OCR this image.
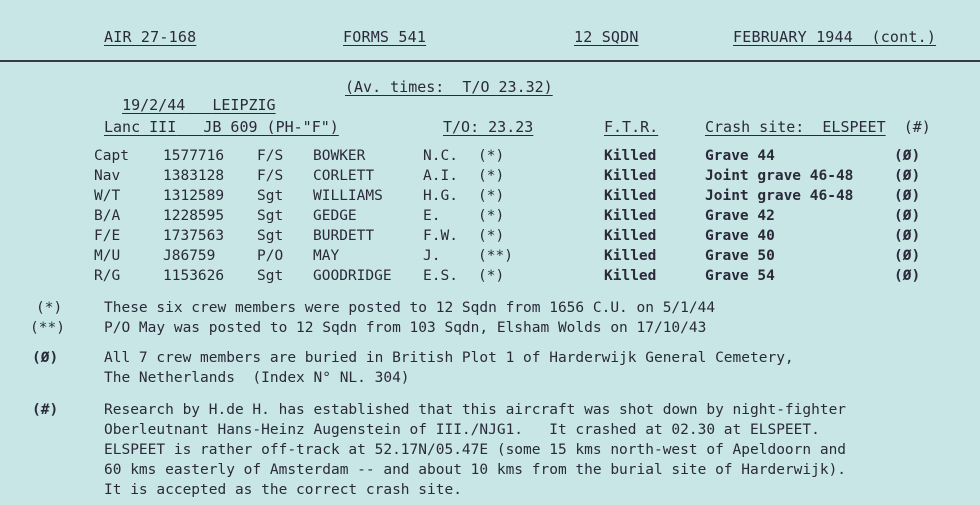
AIR 27-168	FORMS 541	12 SQDN	FEBRUARY 1944  (cont.)

19/2/44 LEIPZIG

(Av. times:  T/O 23.32)
Lanc III JB 609 (PH-"F")	T/O: 23.23	F.T.R.	Crash site:  ELSPEET (#)
Capt 1577716 F/S BOWKER	N.C. (*)	Killed	Grave 44	(Ø)
Nav	1383128 F/S CORLETT	A.I. (*)	Killed	Joint grave 46-48	(Ø)
W/T	1312589 Sgt WILLIAMS	H.G. (*)	Killed	Joint grave 46-48	(Ø)
B/A	1228595 Sgt GEDGE	E.	(*)	Killed	Grave 42	(Ø)
F/E	1737563 Sgt BURDETT	F.W. (*)	Killed	Grave 40	(Ø)
M/U	J86759	P/O MAY	J.	(**)	Killed	Grave 50	(Ø)
R/G	1153626 Sgt GOODRIDGE E.S. (*)	Killed	Grave 54	(Ø)
(*)	These six crew members were posted to 12 Sqdn from 1656 C.U. on 5/1/44
(**)	P/O May was posted to 12 Sqdn from 103 Sqdn, Elsham Wolds on 17/10/43
(Ø)	All 7 crew members are buried in British Plot 1 of Harderwijk General Cemetery,
The Netherlands  (Index N° NL. 304)
(#)	Research by H.de H. has established that this aircraft was shot down by night-fighter
Oberleutnant Hans-Heinz Augenstein of III./NJG1.   It crashed at 02.30 at ELSPEET.
ELSPEET is rather off-track at 52.17N/05.47E (some 15 kms north-west of Apeldoorn and
60 kms easterly of Amsterdam -- and about 10 kms from the burial site of Harderwijk).
It is accepted as the correct crash site.
